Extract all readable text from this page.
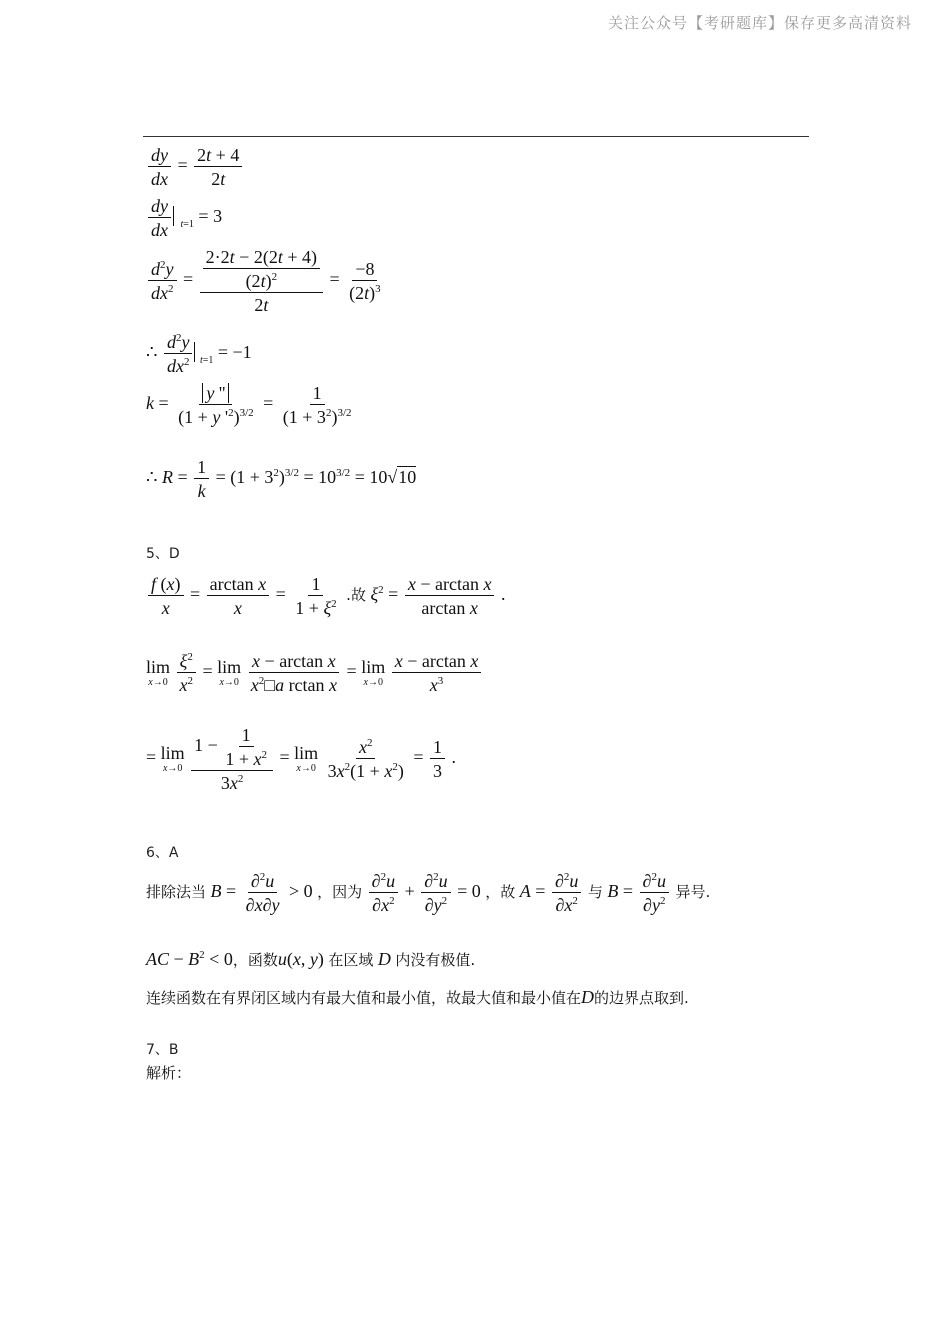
关注公众号【考研题库】保存更多高清资料
$\frac{dy}{dx} = \frac{2t + 4}{2t}$
$\frac{dy}{dx} _{t=1} = 3$
$\frac{d^2y}{dx^2} = \frac{\frac{2\cdot 2t - 2(2t + 4)}{(2t)^2}}{2t} = \frac{-8}{(2t)^3}$
∴ $\frac{d^2y}{dx^2} _{t=1} = -1$
$k = \frac{y ''}{(1 + y '^2)^{3/2}} = \frac{1}{(1 + 3^2)^{3/2}}$
∴ $R = \frac{1}{k} = (1 + 3^2)^{3/2} = 10^{3/2} = 10√10$
5、D
$\frac{f (x)}{x} = \frac{\text{arctan x}}{x} = \frac{1}{1 + \xi^2}$ .故 $\xi^2 = \frac{\text{x − arctan x}}{\text{arctan x}}$ .
lim
x→0
$\frac{\xi^2}{x^2} = \lim$
x→0
$\frac{\text{x − arctan x}}{x^2□a rctan x} = \lim$
x→0
$\frac{\text{x − arctan x}}{x^3}$
= lim
x→0
$\frac{1 - \frac{1}{1 + x^2}}{3x^2} = \lim$
x→0
$\frac{x^2}{3x^2(1 + x^2)} = \frac{1}{3}$ .
6、A
排除法当 $B = \frac{\partial^2u}{\partial x\partial y} > 0$ ，因为 $\frac{\partial^2u}{\partial x^2} + \frac{\partial^2u}{\partial y^2} = 0$ ，故 $A = \frac{\partial^2u}{\partial x^2}$ 与 $B = \frac{\partial^2u}{\partial y^2}$ 异号.
AC − $B^2 < 0$，函数u(x, y) 在区域 D 内没有极值.
连续函数在有界闭区域内有最大值和最小值，故最大值和最小值在D的边界点取到.
7、B
解析：
